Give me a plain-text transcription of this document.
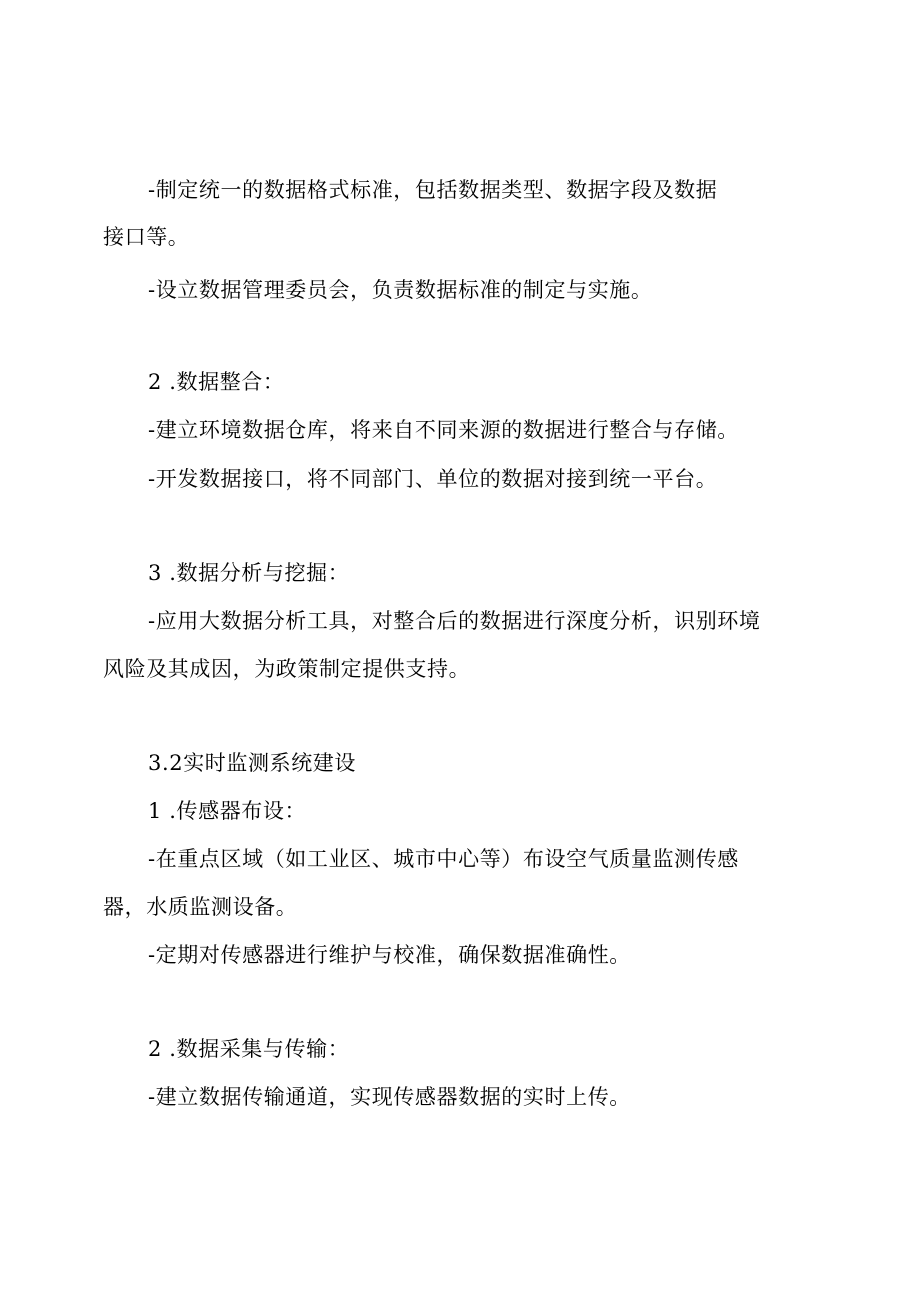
-制定统一的数据格式标准，包括数据类型、数据字段及数据
接口等。
-设立数据管理委员会，负责数据标准的制定与实施。
2 .数据整合：
-建立环境数据仓库，将来自不同来源的数据进行整合与存储。
-开发数据接口，将不同部门、单位的数据对接到统一平台。
3 .数据分析与挖掘：
-应用大数据分析工具，对整合后的数据进行深度分析，识别环境
风险及其成因，为政策制定提供支持。
3.2实时监测系统建设
1 .传感器布设：
-在重点区域（如工业区、城市中心等）布设空气质量监测传感
器，水质监测设备。
-定期对传感器进行维护与校准，确保数据准确性。
2 .数据采集与传输：
-建立数据传输通道，实现传感器数据的实时上传。
